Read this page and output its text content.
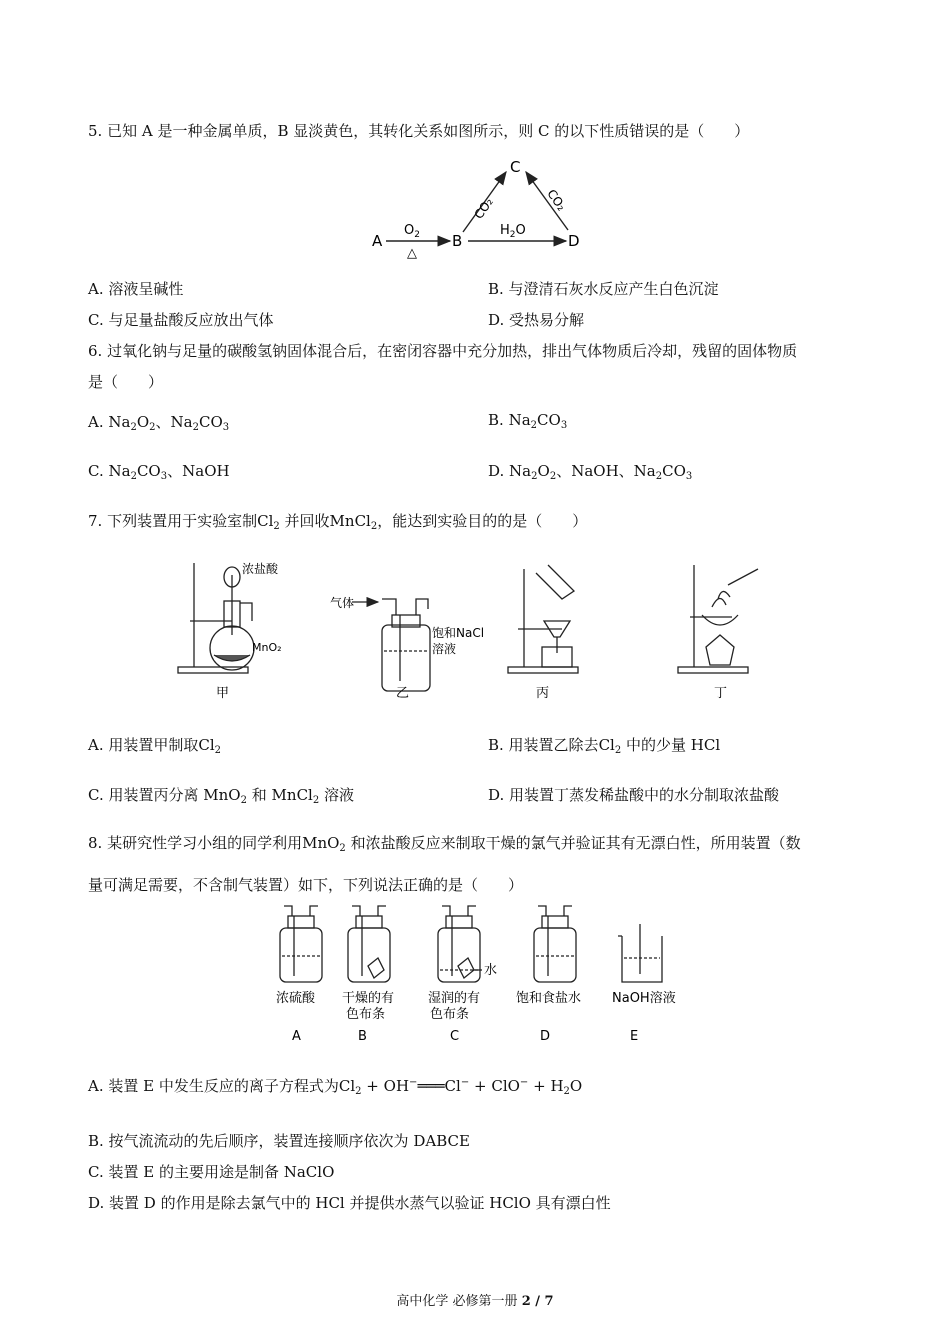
5. 已知 A 是一种金属单质，B 显淡黄色，其转化关系如图所示，则 C 的以下性质错误的是（　　）
A
$O_2$
△
B
$H_2O$
D
C
CO₂	CO₂
A. 溶液呈碱性	B. 与澄清石灰水反应产生白色沉淀
C. 与足量盐酸反应放出气体	D. 受热易分解
6. 过氧化钠与足量的碳酸氢钠固体混合后，在密闭容器中充分加热，排出气体物质后冷却，残留的固体物质
是（　　）
A. $Na_2O_2$、$Na_2CO_3$	B. $Na_2CO_3$
C. $Na_2CO_3$、NaOH	D. $Na_2O_2$、NaOH、$Na_2CO_3$
7. 下列装置用于实验室制$Cl_2$ 并回收MnCl$_2$，能达到实验目的的是（　　）
浓盐酸
MnO₂
气体
饱和NaCl
溶液
甲	乙	丙	丁
A. 用装置甲制取$Cl_2$	B. 用装置乙除去$Cl_2$ 中的少量 HCl
C. 用装置丙分离 MnO$_2$ 和 MnCl$_2$ 溶液	D. 用装置丁蒸发稀盐酸中的水分制取浓盐酸
8. 某研究性学习小组的同学利用MnO$_2$ 和浓盐酸反应来制取干燥的氯气并验证其有无漂白性，所用装置（数
量可满足需要，不含制气装置）如下，下列说法正确的是（　　）
浓硫酸 干燥的有
色布条
湿润的有
色布条
水
饱和食盐水 NaOH溶液
A	B	C	D	E
A. 装置 E 中发生反应的离子方程式为$Cl_2$ + OH−═══Cl− + $ClO^- + H_2O$
B. 按气流流动的先后顺序，装置连接顺序依次为 DABCE
C. 装置 E 的主要用途是制备 NaClO
D. 装置 D 的作用是除去氯气中的 HCl 并提供水蒸气以验证 HClO 具有漂白性
高中化学 必修第一册 2 / 7
